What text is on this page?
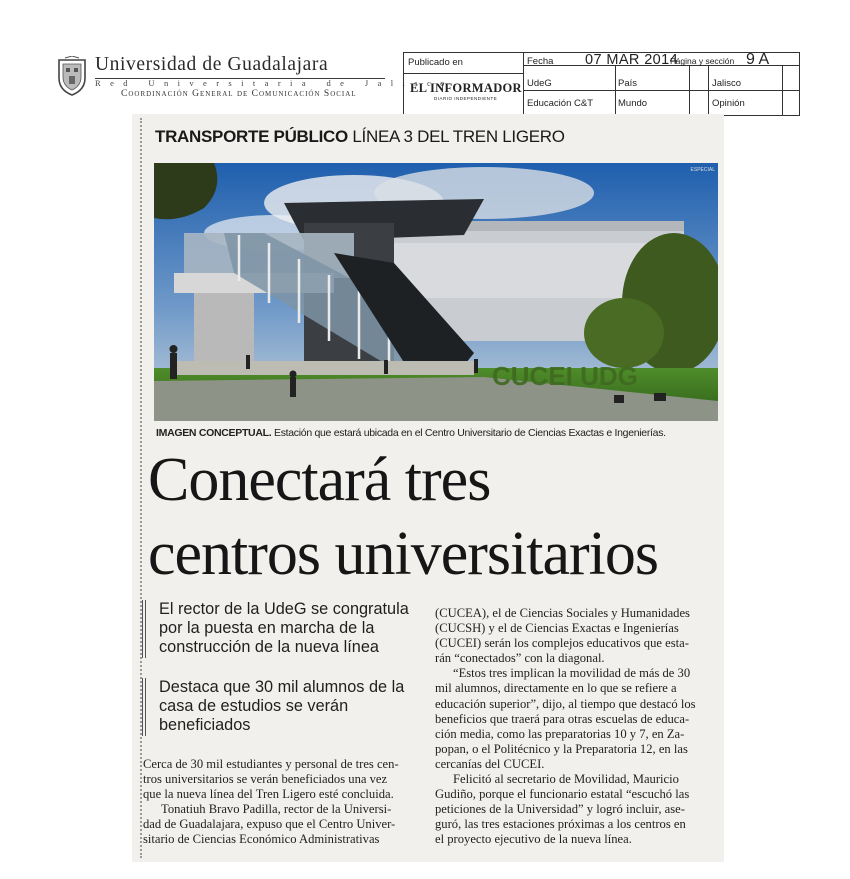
Universidad de Guadalajara
Red Universitaria de Jalisco
Coordinación General de Comunicación Social
Publicado en
EL INFORMADOR
DIARIO INDEPENDIENTE
Fecha 07 MAR 2014
Página y sección 9 A
UdeG	País	Jalisco
Educación C&T	Mundo	Opinión
TRANSPORTE PÚBLICO LÍNEA 3 DEL TREN LIGERO
CUCEI UDG
ESPECIAL
IMAGEN CONCEPTUAL. Estación que estará ubicada en el Centro Universitario de Ciencias Exactas e Ingenierías.
Conectará tres
centros universitarios
El rector de la UdeG se congratula
por la puesta en marcha de la
construcción de la nueva línea
Destaca que 30 mil alumnos de la
casa de estudios se verán
beneficiados
Cerca de 30 mil estudiantes y personal de tres cen-
tros universitarios se verán beneficiados una vez
que la nueva línea del Tren Ligero esté concluida.
Tonatiuh Bravo Padilla, rector de la Universi-
dad de Guadalajara, expuso que el Centro Univer-
sitario de Ciencias Económico Administrativas
(CUCEA), el de Ciencias Sociales y Humanidades
(CUCSH) y el de Ciencias Exactas e Ingenierías
(CUCEI) serán los complejos educativos que esta-
rán “conectados” con la diagonal.
“Estos tres implican la movilidad de más de 30
mil alumnos, directamente en lo que se refiere a
educación superior”, dijo, al tiempo que destacó los
beneficios que traerá para otras escuelas de educa-
ción media, como las preparatorias 10 y 7, en Za-
popan, o el Politécnico y la Preparatoria 12, en las
cercanías del CUCEI.
Felicitó al secretario de Movilidad, Mauricio
Gudiño, porque el funcionario estatal “escuchó las
peticiones de la Universidad” y logró incluir, ase-
guró, las tres estaciones próximas a los centros en
el proyecto ejecutivo de la nueva línea.
